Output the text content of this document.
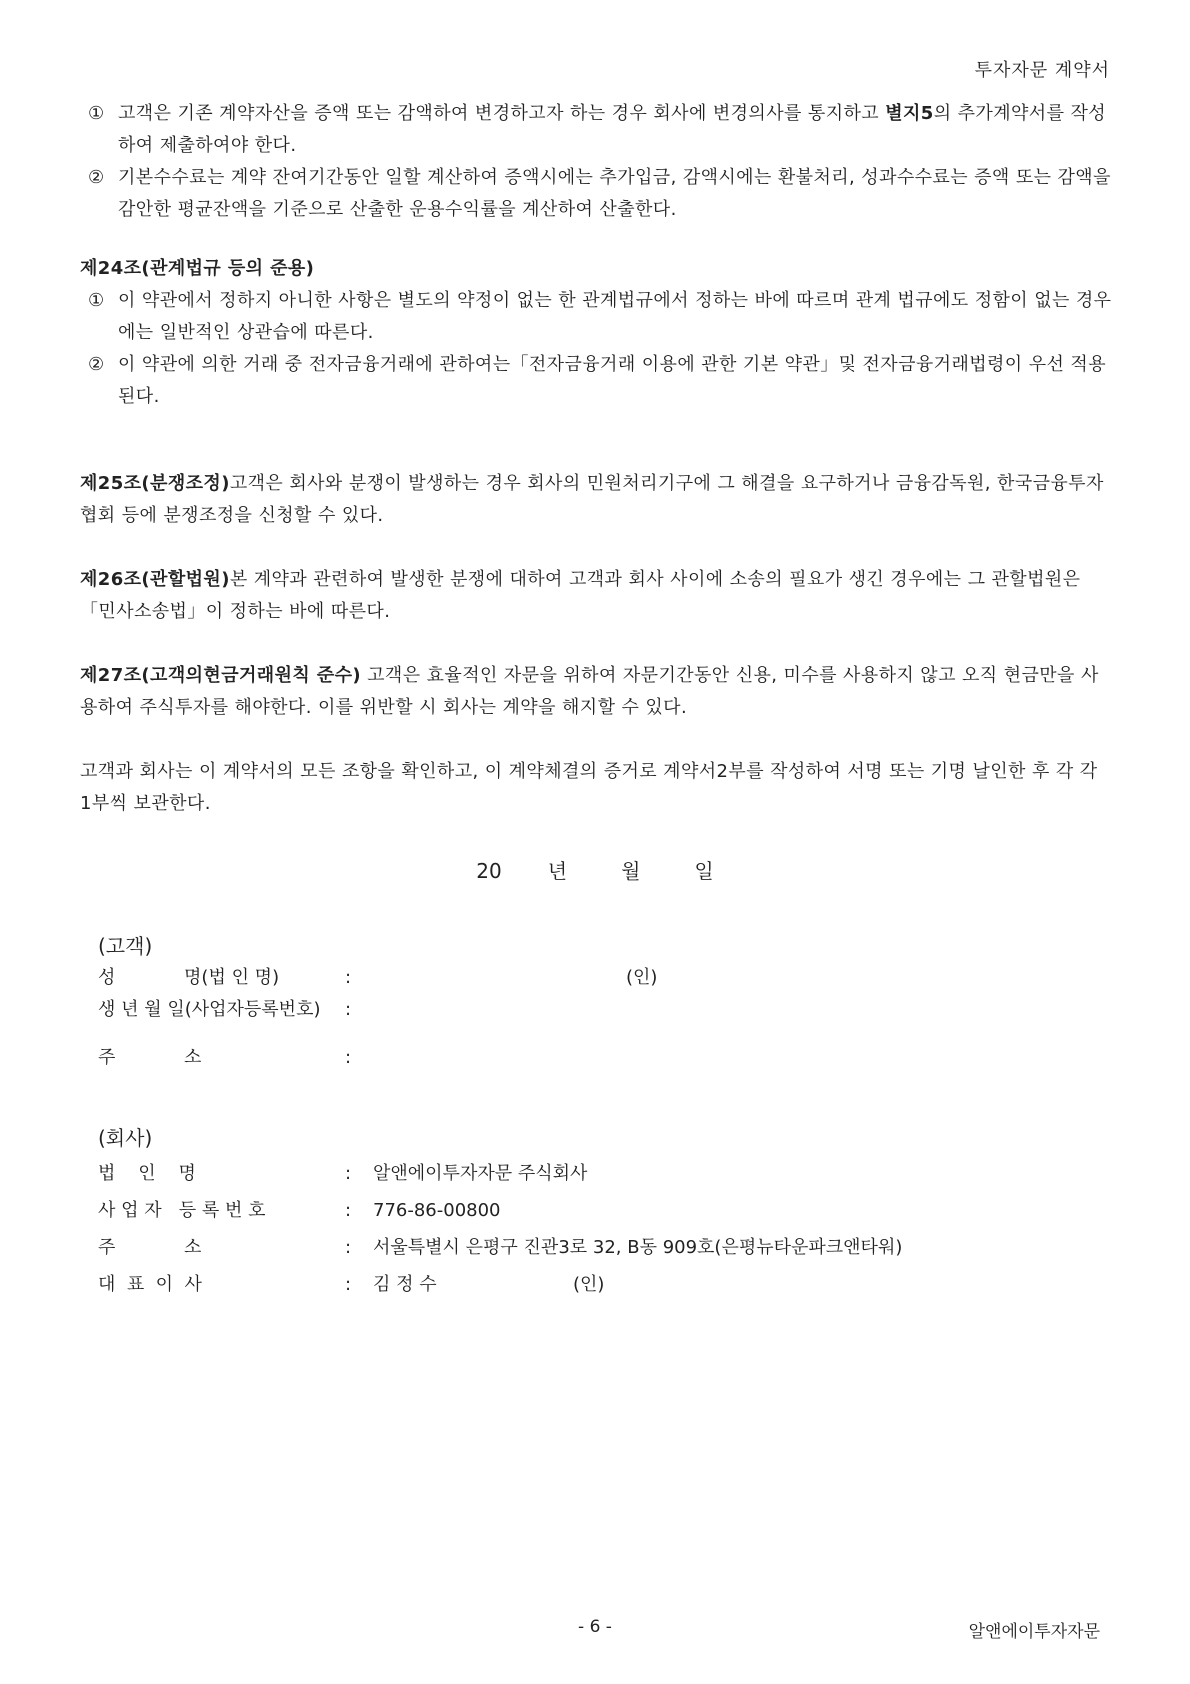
투자자문 계약서
① 고객은 기존 계약자산을 증액 또는 감액하여 변경하고자 하는 경우 회사에 변경의사를 통지하고 별지5의 추가계약서를 작성하여 제출하여야 한다.
② 기본수수료는 계약 잔여기간동안 일할 계산하여 증액시에는 추가입금, 감액시에는 환불처리, 성과수수료는 증액 또는 감액을 감안한 평균잔액을 기준으로 산출한 운용수익률을 계산하여 산출한다.
제24조(관계법규 등의 준용)
① 이 약관에서 정하지 아니한 사항은 별도의 약정이 없는 한 관계법규에서 정하는 바에 따르며 관계 법규에도 정함이 없는 경우에는 일반적인 상관습에 따른다.
② 이 약관에 의한 거래 중 전자금융거래에 관하여는「전자금융거래 이용에 관한 기본 약관」및 전자금융거래법령이 우선 적용된다.
제25조(분쟁조정)고객은 회사와 분쟁이 발생하는 경우 회사의 민원처리기구에 그 해결을 요구하거나 금융감독원, 한국금융투자협회 등에 분쟁조정을 신청할 수 있다.
제26조(관할법원)본 계약과 관련하여 발생한 분쟁에 대하여 고객과 회사 사이에 소송의 필요가 생긴 경우에는 그 관할법원은「민사소송법」이 정하는 바에 따른다.
제27조(고객의현금거래원칙 준수) 고객은 효율적인 자문을 위하여 자문기간동안 신용, 미수를 사용하지 않고 오직 현금만을 사용하여 주식투자를 해야한다. 이를 위반할 시 회사는 계약을 해지할 수 있다.
고객과 회사는 이 계약서의 모든 조항을 확인하고, 이 계약체결의 증거로 계약서2부를 작성하여 서명 또는 기명 날인한 후 각 각 1부씩 보관한다.
20 년	월	일
(고객)
성            명(법 인 명)	:	(인)
생 년 월 일(사업자등록번호) :
주            소	:
(회사)
법    인    명	: 알앤에이투자자문 주식회사
사 업 자   등 록 번 호	: 776-86-00800
주            소	: 서울특별시 은평구 진관3로 32, B동 909호(은평뉴타운파크앤타워)
대  표  이  사	: 김 정 수	(인)
- 6 -	알앤에이투자자문
